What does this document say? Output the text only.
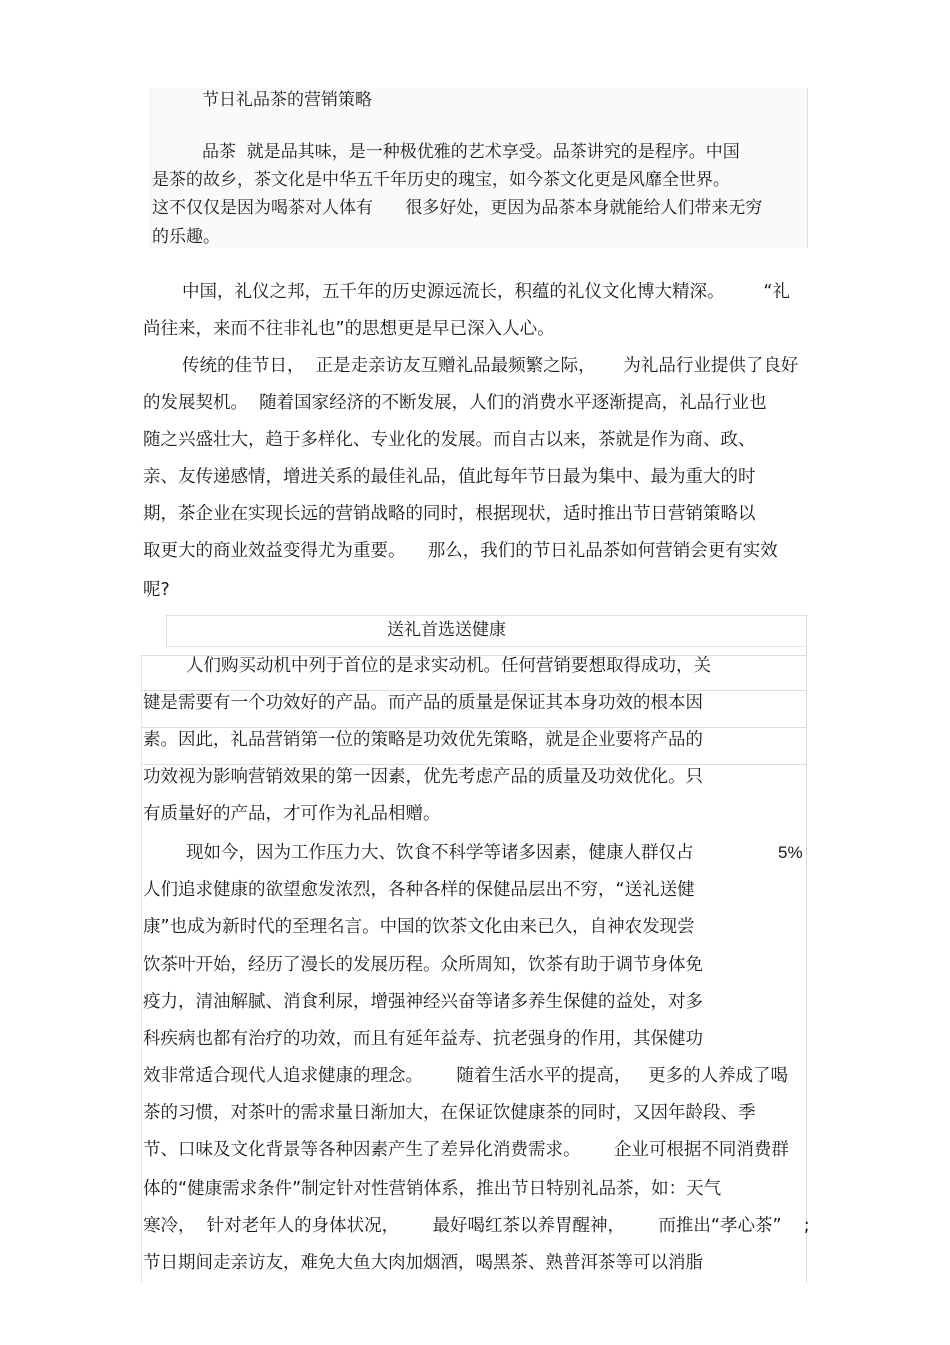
节日礼品茶的营销策略
品茶  就是品其味，是一种极优雅的艺术享受。品茶讲究的是程序。中国
是茶的故乡，茶文化是中华五千年历史的瑰宝，如今茶文化更是风靡全世界。
这不仅仅是因为喝茶对人体有      很多好处，更因为品茶本身就能给人们带来无穷
的乐趣。
中国，礼仪之邦，五千年的历史源远流长，积蕴的礼仪文化博大精深。       “礼
尚往来，来而不往非礼也”的思想更是早已深入人心。
传统的佳节日，  正是走亲访友互赠礼品最频繁之际，     为礼品行业提供了良好
的发展契机。  随着国家经济的不断发展，人们的消费水平逐渐提高，礼品行业也
随之兴盛壮大，趋于多样化、专业化的发展。而自古以来，茶就是作为商、政、
亲、友传递感情，增进关系的最佳礼品，值此每年节日最为集中、最为重大的时
期，茶企业在实现长远的营销战略的同时，根据现状，适时推出节日营销策略以
取更大的商业效益变得尤为重要。    那么，我们的节日礼品茶如何营销会更有实效
呢?
送礼首选送健康
人们购买动机中列于首位的是求实动机。任何营销要想取得成功，关
键是需要有一个功效好的产品。而产品的质量是保证其本身功效的根本因
素。因此，礼品营销第一位的策略是功效优先策略，就是企业要将产品的
功效视为影响营销效果的第一因素，优先考虑产品的质量及功效优化。只
有质量好的产品，才可作为礼品相赠。
现如今，因为工作压力大、饮食不科学等诸多因素，健康人群仅占	5%
人们追求健康的欲望愈发浓烈，各种各样的保健品层出不穷，“送礼送健
康”也成为新时代的至理名言。中国的饮茶文化由来已久，自神农发现尝
饮茶叶开始，经历了漫长的发展历程。众所周知，饮茶有助于调节身体免
疫力，清油解腻、消食利尿，增强神经兴奋等诸多养生保健的益处，对多
科疾病也都有治疗的功效，而且有延年益寿、抗老强身的作用，其保健功
效非常适合现代人追求健康的理念。      随着生活水平的提高，   更多的人养成了喝
茶的习惯，对茶叶的需求量日渐加大，在保证饮健康茶的同时，又因年龄段、季
节、口味及文化背景等各种因素产生了差异化消费需求。      企业可根据不同消费群
体的“健康需求条件”制定针对性营销体系，推出节日特别礼品茶，如：天气
寒冷，  针对老年人的身体状况，      最好喝红茶以养胃醒神，      而推出“孝心茶”    ;
节日期间走亲访友，难免大鱼大肉加烟酒，喝黑茶、熟普洱茶等可以消脂
